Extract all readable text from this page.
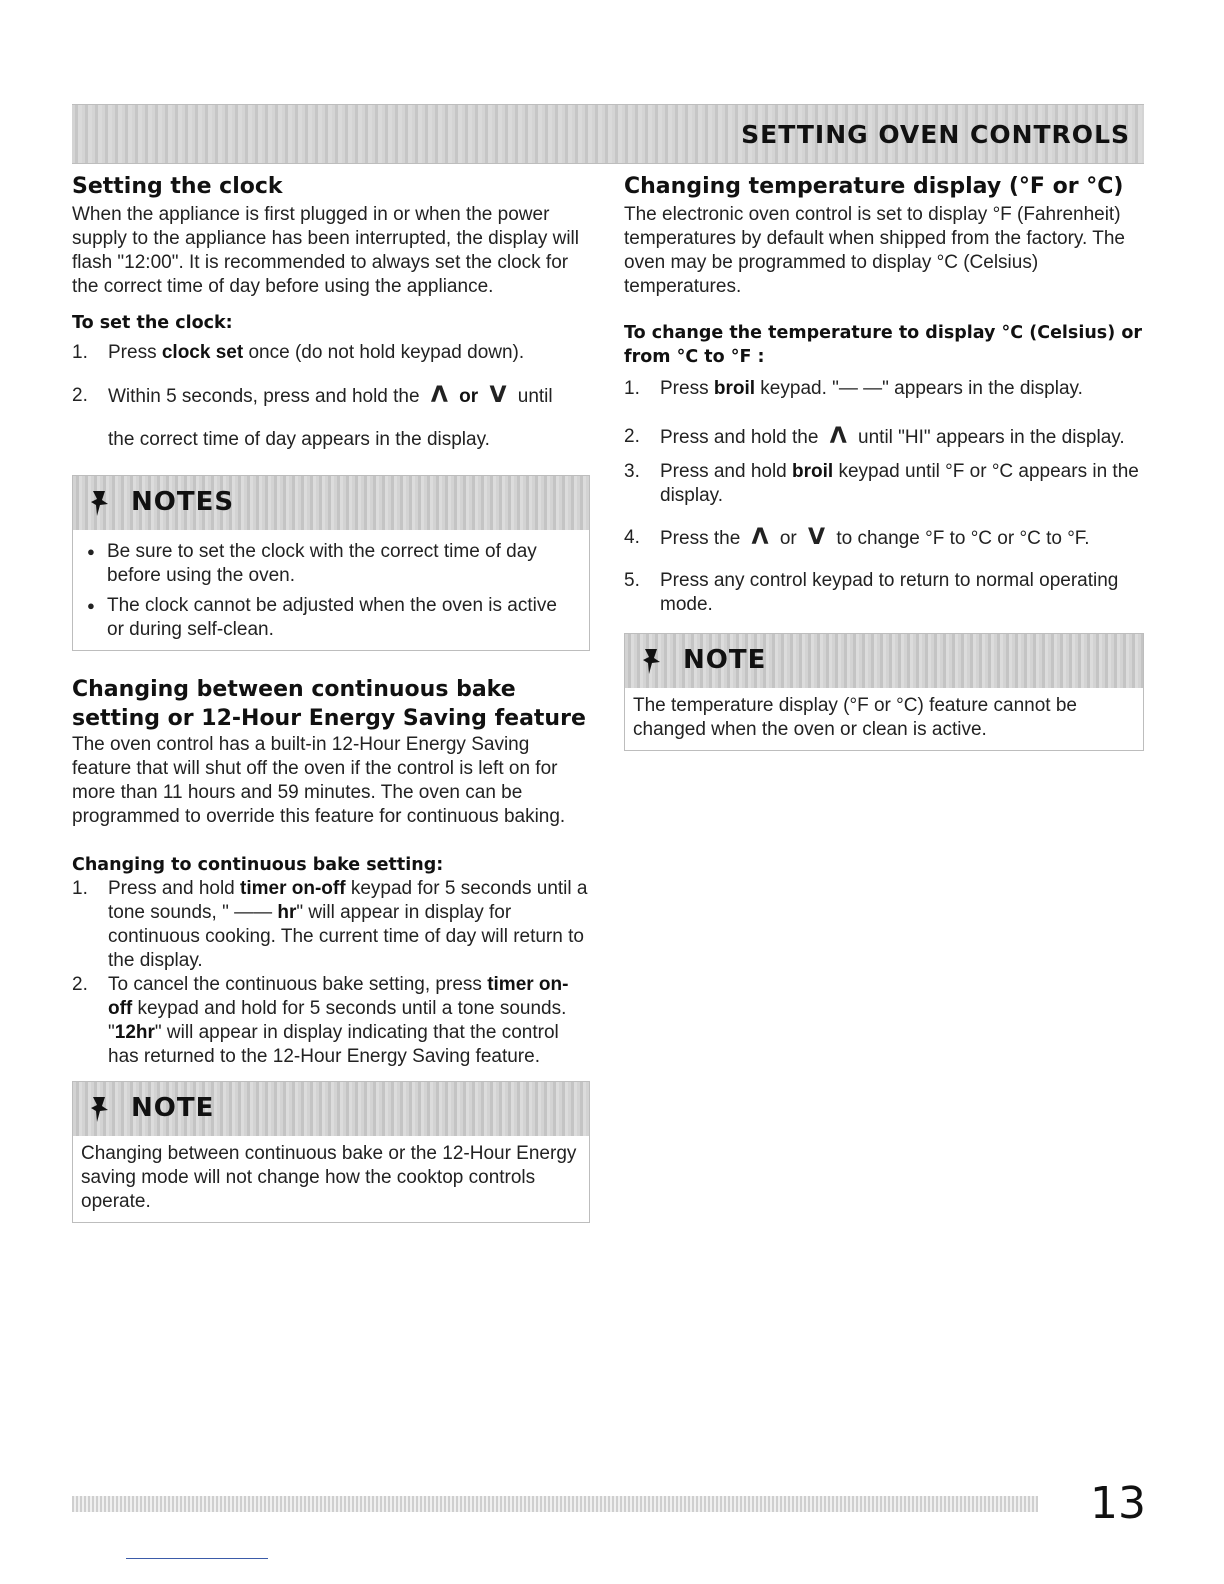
SETTING OVEN CONTROLS
Setting the clock

When the appliance is first plugged in or when the power supply to the appliance has been interrupted, the display will flash "12:00". It is recommended to always set the clock for the correct time of day before using the appliance.

To set the clock:
1. Press clock set once (do not hold keypad down).
2. Within 5 seconds, press and hold the Λ or V until
the correct time of day appears in the display.
NOTES
● Be sure to set the clock with the correct time of day before using the oven.
● The clock cannot be adjusted when the oven is active or during self-clean.
Changing between continuous bake
setting or 12-Hour Energy Saving feature

The oven control has a built-in 12-Hour Energy Saving feature that will shut off the oven if the control is left on for more than 11 hours and 59 minutes. The oven can be programmed to override this feature for continuous baking.

Changing to continuous bake setting:
1. Press and hold timer on-off keypad for 5 seconds until a tone sounds, " —— hr" will appear in display for continuous cooking. The current time of day will return to the display.
2. To cancel the continuous bake setting, press timer on-off keypad and hold for 5 seconds until a tone sounds. "12hr" will appear in display indicating that the control has returned to the 12-Hour Energy Saving feature.
NOTE
Changing between continuous bake or the 12-Hour Energy saving mode will not change how the cooktop controls operate.
Changing temperature display (°F or °C)

The electronic oven control is set to display °F (Fahrenheit) temperatures by default when shipped from the factory. The oven may be programmed to display °C (Celsius) temperatures.

To change the temperature to display °C (Celsius) or from °C to °F :
1. Press broil keypad. "— —" appears in the display.
2. Press and hold the Λ until "HI" appears in the display.
3. Press and hold broil keypad until °F or °C appears in the display.
4. Press the Λ or V to change °F to °C or °C to °F.
5. Press any control keypad to return to normal operating mode.
NOTE
The temperature display (°F or °C) feature cannot be changed when the oven or clean is active.
13
